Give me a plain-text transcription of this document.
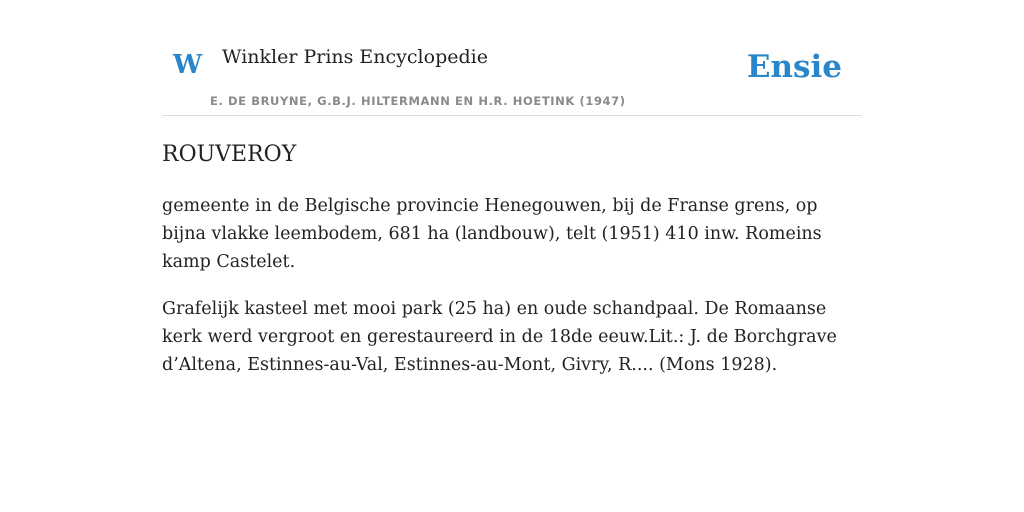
W Winkler Prins Encyclopedie
E. DE BRUYNE, G.B.J. HILTERMANN EN H.R. HOETINK (1947)
Ensie
ROUVEROY

gemeente in de Belgische provincie Henegouwen, bij de Franse grens, op bijna vlakke leembodem, 681 ha (landbouw), telt (1951) 410 inw. Romeins kamp Castelet.

Grafelijk kasteel met mooi park (25 ha) en oude schandpaal. De Romaanse kerk werd vergroot en gerestaureerd in de 18de eeuw.Lit.: J. de Borchgrave d’Altena, Estinnes-au-Val, Estinnes-au-Mont, Givry, R.... (Mons 1928).
